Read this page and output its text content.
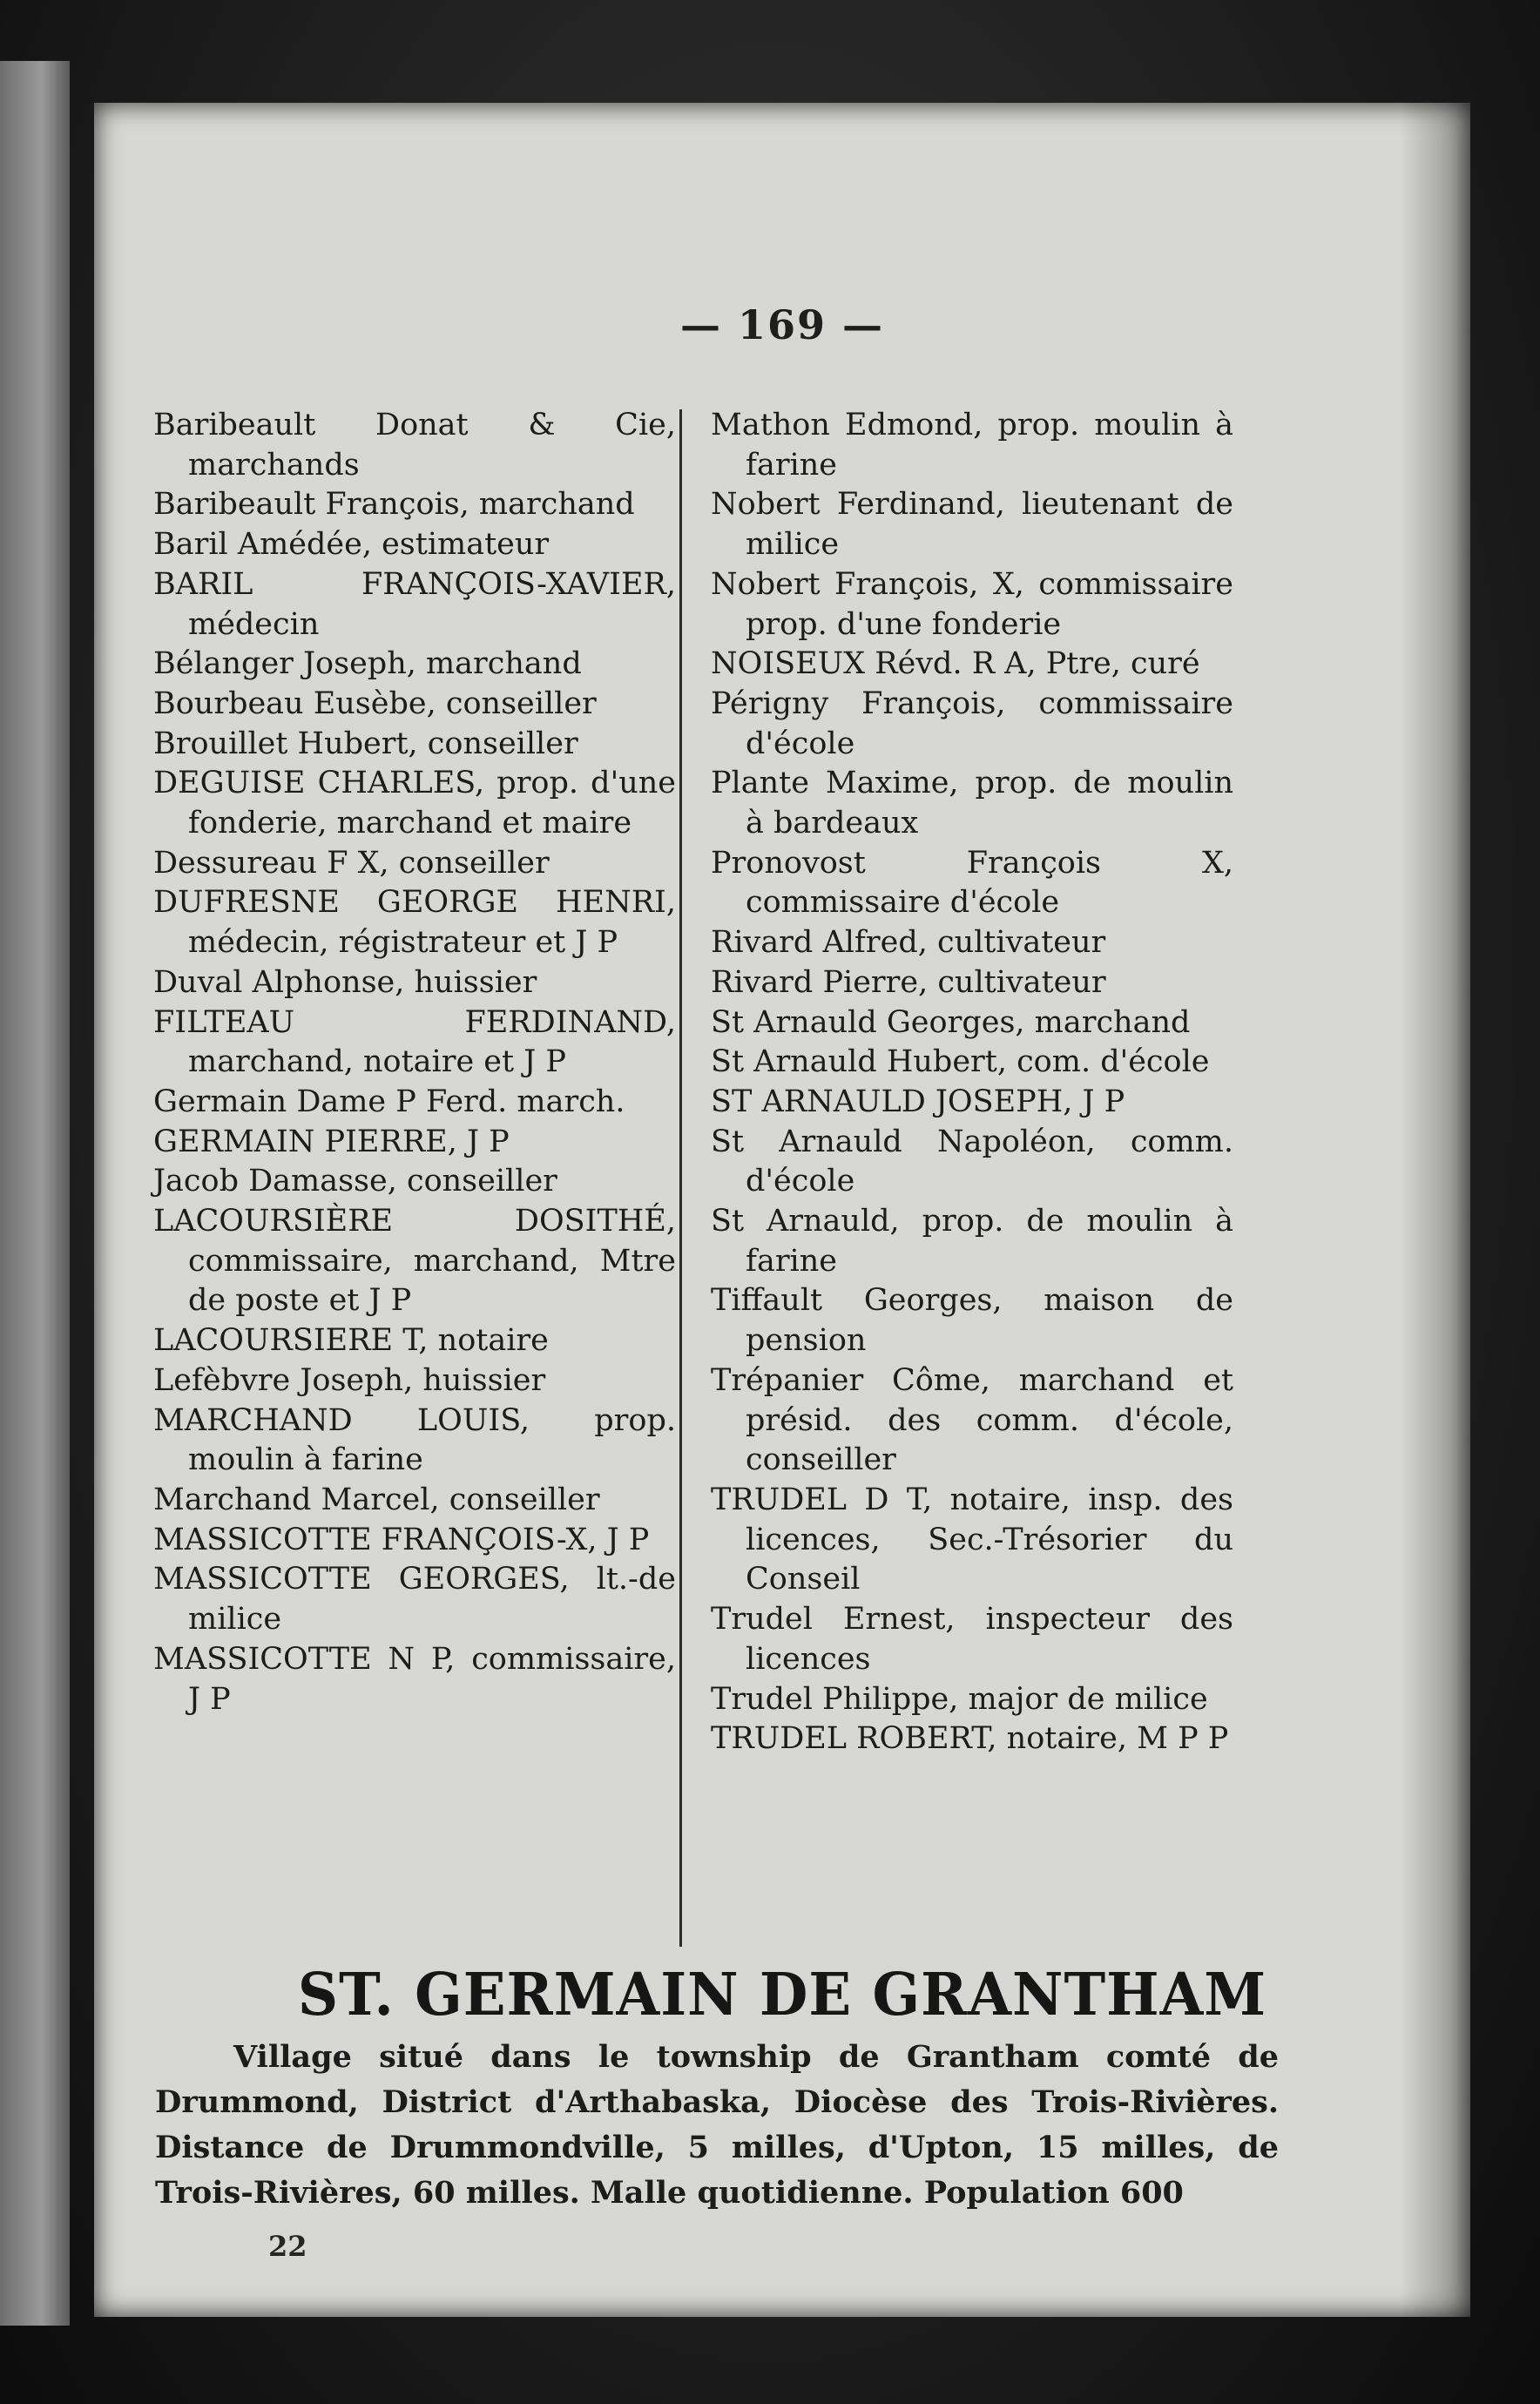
— 169 —

Baribeault Donat & Cie, marchands

Baribeault François, marchand

Baril Amédée, estimateur

BARIL FRANÇOIS-XAVIER, médecin

Bélanger Joseph, marchand

Bourbeau Eusèbe, conseiller

Brouillet Hubert, conseiller

DEGUISE CHARLES, prop. d'une fonderie, marchand et maire

Dessureau F X, conseiller

DUFRESNE GEORGE HENRI, médecin, régistrateur et J P

Duval Alphonse, huissier

FILTEAU FERDINAND, marchand, notaire et J P

Germain Dame P Ferd. march.

GERMAIN PIERRE, J P

Jacob Damasse, conseiller

LACOURSIÈRE DOSITHÉ, commissaire, marchand, Mtre de poste et J P

LACOURSIERE T, notaire

Lefèbvre Joseph, huissier

MARCHAND LOUIS, prop. moulin à farine

Marchand Marcel, conseiller

MASSICOTTE FRANÇOIS-X, J P

MASSICOTTE GEORGES, lt.-de milice

MASSICOTTE N P, commissaire, J P

Mathon Edmond, prop. moulin à farine

Nobert Ferdinand, lieutenant de milice

Nobert François, X, commissaire prop. d'une fonderie

NOISEUX Révd. R A, Ptre, curé

Périgny François, commissaire d'école

Plante Maxime, prop. de moulin à bardeaux

Pronovost François X, commissaire d'école

Rivard Alfred, cultivateur

Rivard Pierre, cultivateur

St Arnauld Georges, marchand

St Arnauld Hubert, com. d'école

ST ARNAULD JOSEPH, J P

St Arnauld Napoléon, comm. d'école

St Arnauld, prop. de moulin à farine

Tiffault Georges, maison de pension

Trépanier Côme, marchand et présid. des comm. d'école, conseiller

TRUDEL D T, notaire, insp. des licences, Sec.-Trésorier du Conseil

Trudel Ernest, inspecteur des licences

Trudel Philippe, major de milice

TRUDEL ROBERT, notaire, M P P

ST. GERMAIN DE GRANTHAM
Village situé dans le township de Grantham comté de Drummond, District d'Arthabaska, Diocèse des Trois-Rivières. Distance de Drummondville, 5 milles, d'Upton, 15 milles, de Trois-Rivières, 60 milles. Malle quotidienne. Population 600
22
